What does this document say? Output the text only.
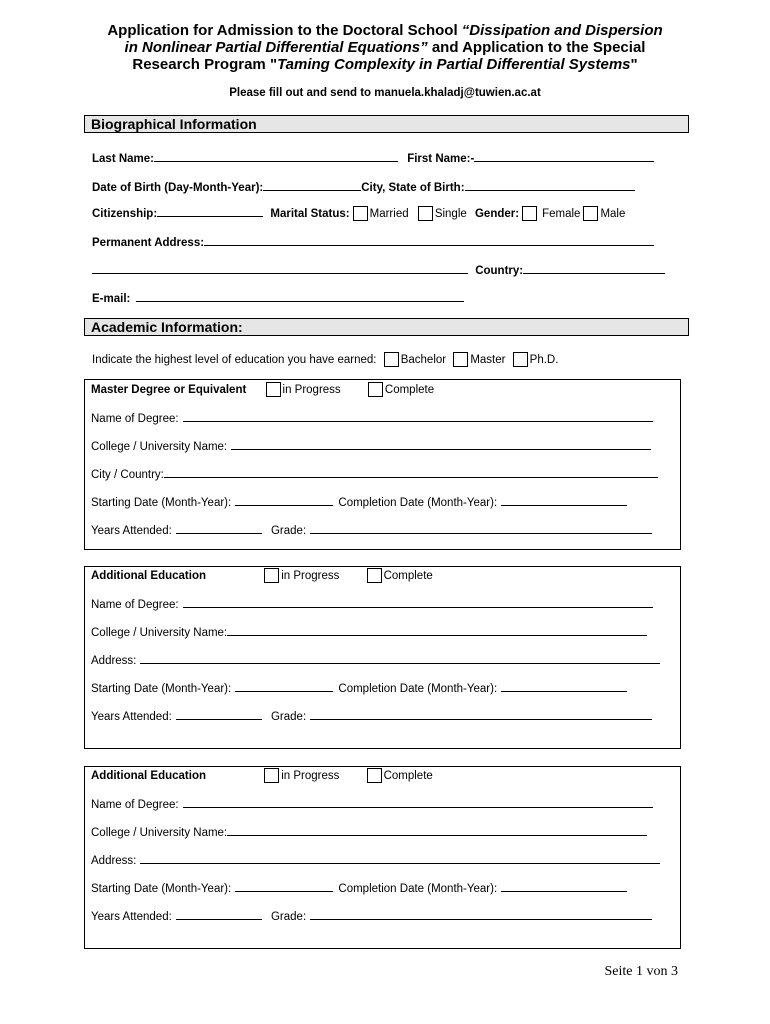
Application for Admission to the Doctoral School “Dissipation and Dispersion
in Nonlinear Partial Differential Equations” and Application to the Special
Research Program "Taming Complexity in Partial Differential Systems"
Please fill out and send to manuela.khaladj@tuwien.ac.at
Biographical Information
Last Name:	First Name:-
Date of Birth (Day-Month-Year):	City, State of Birth:
Citizenship:	Marital Status: Married Single Gender: Female Male
Permanent Address:
Country:
E-mail:
Academic Information:
Indicate the highest level of education you have earned: Bachelor Master Ph.D.
Master Degree or Equivalent	in Progress	Complete
Name of Degree:
College / University Name:
City / Country:
Starting Date (Month-Year):	Completion Date (Month-Year):
Years Attended:	Grade:
Additional Education	in Progress	Complete
Name of Degree:
College / University Name:
Address:
Starting Date (Month-Year):	Completion Date (Month-Year):
Years Attended:	Grade:
Additional Education	in Progress	Complete
Name of Degree:
College / University Name:
Address:
Starting Date (Month-Year):	Completion Date (Month-Year):
Years Attended:	Grade:
Seite 1 von 3
